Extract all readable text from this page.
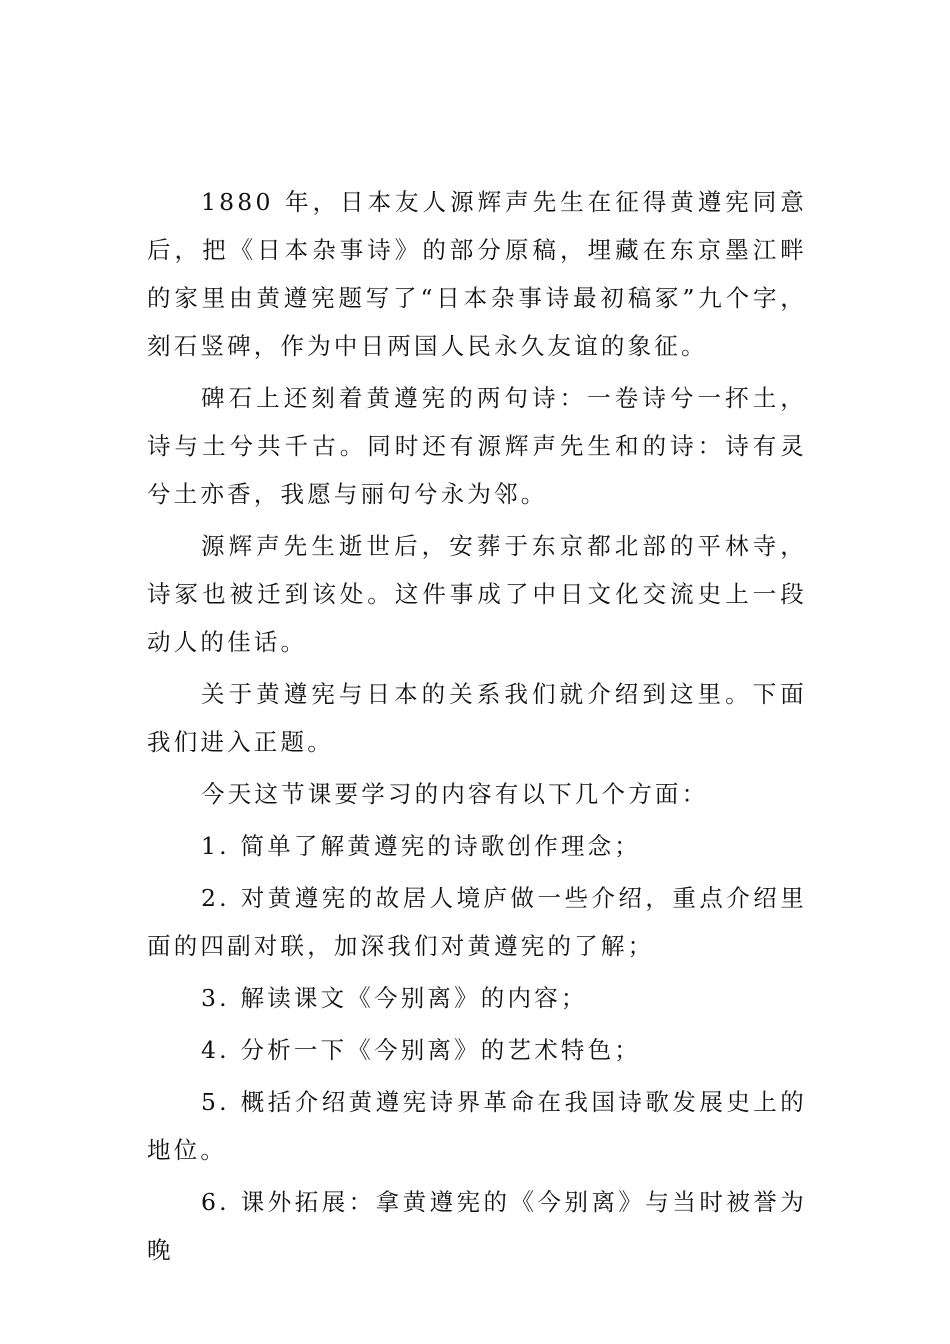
1880 年，日本友人源辉声先生在征得黄遵宪同意后，把《日本杂事诗》的部分原稿，埋藏在东京墨江畔的家里由黄遵宪题写了“日本杂事诗最初稿冢”九个字，刻石竖碑，作为中日两国人民永久友谊的象征。

碑石上还刻着黄遵宪的两句诗：一卷诗兮一抔土，诗与土兮共千古。同时还有源辉声先生和的诗：诗有灵兮土亦香，我愿与丽句兮永为邻。

源辉声先生逝世后，安葬于东京都北部的平林寺，诗冢也被迁到该处。这件事成了中日文化交流史上一段动人的佳话。

关于黄遵宪与日本的关系我们就介绍到这里。下面我们进入正题。

今天这节课要学习的内容有以下几个方面：

1. 简单了解黄遵宪的诗歌创作理念；

2. 对黄遵宪的故居人境庐做一些介绍，重点介绍里面的四副对联，加深我们对黄遵宪的了解；

3. 解读课文《今别离》的内容；

4. 分析一下《今别离》的艺术特色；

5. 概括介绍黄遵宪诗界革命在我国诗歌发展史上的地位。

6. 课外拓展：拿黄遵宪的《今别离》与当时被誉为晚
